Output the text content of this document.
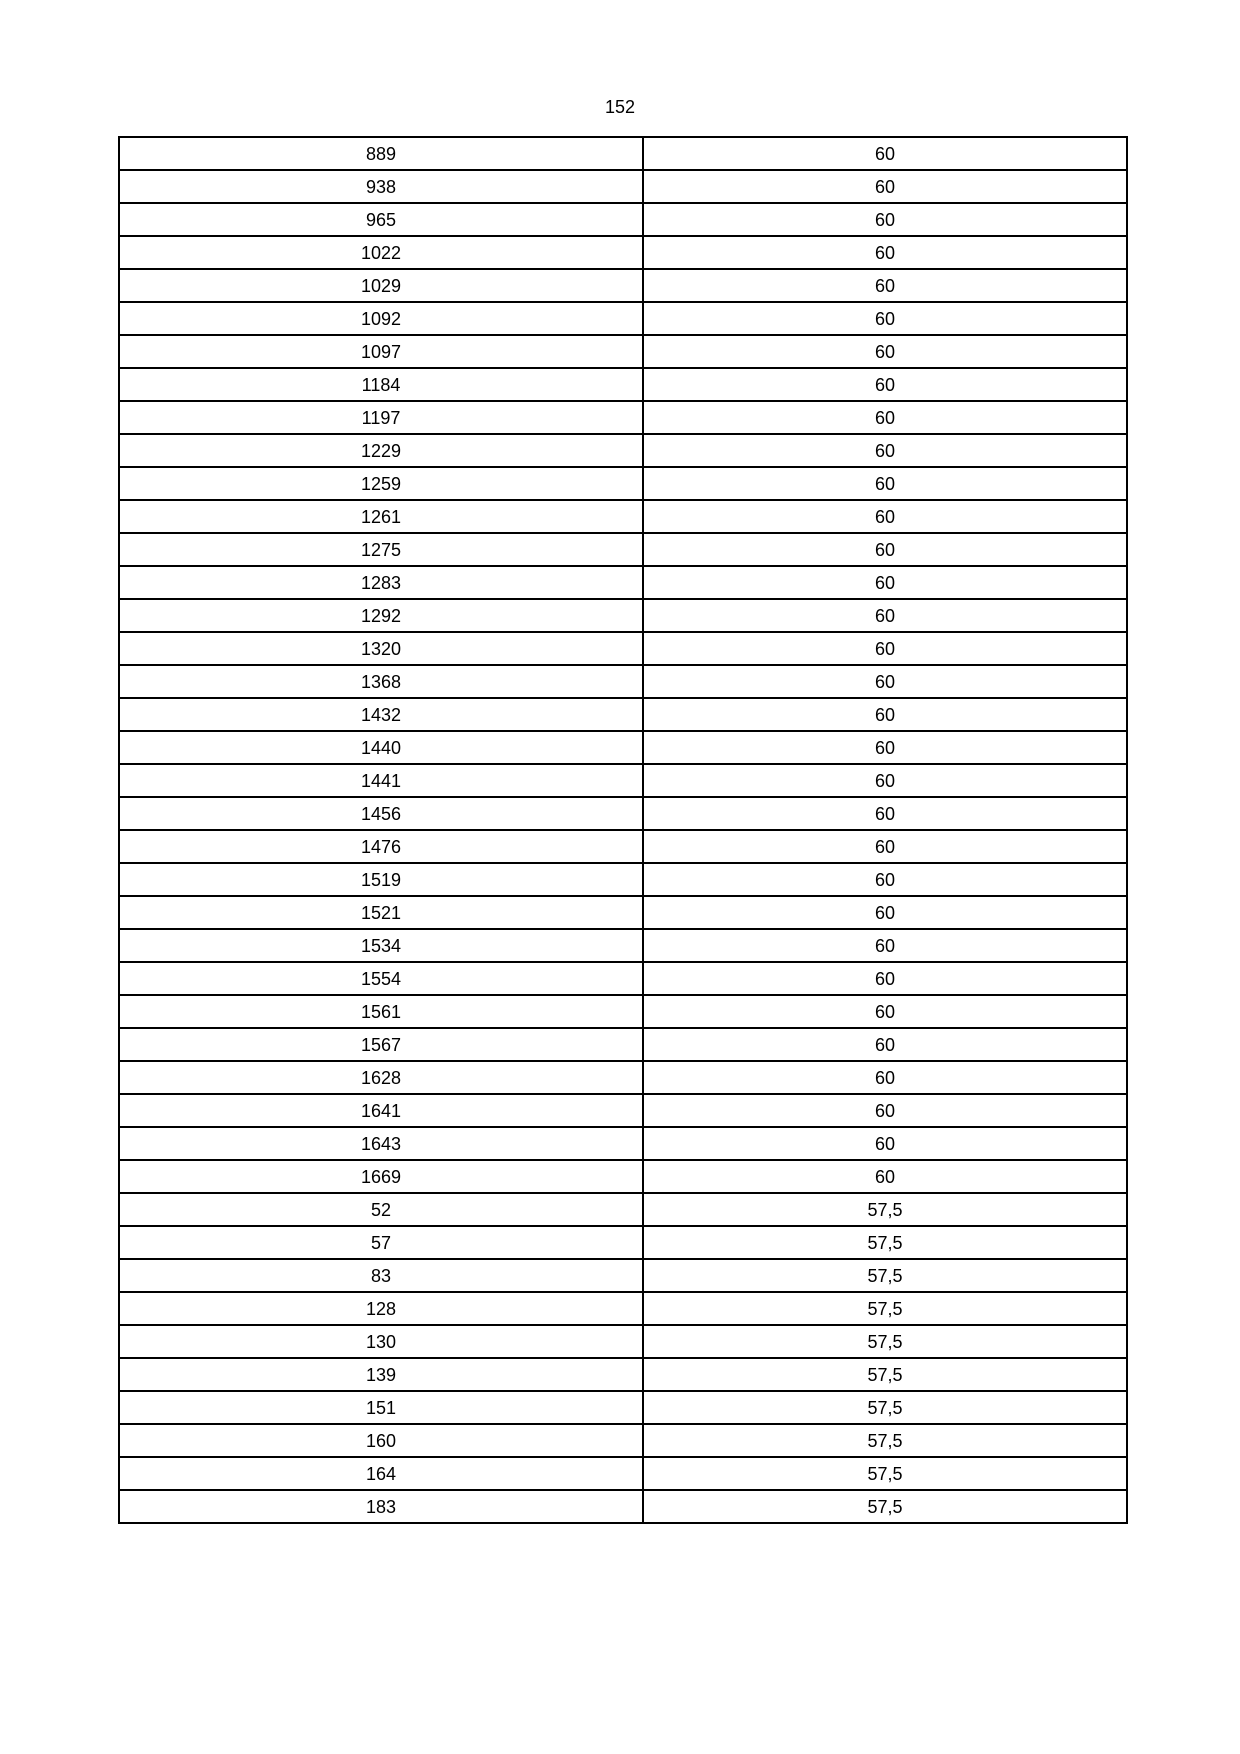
152
889	60
938	60
965	60
1022	60
1029	60
1092	60
1097	60
1184	60
1197	60
1229	60
1259	60
1261	60
1275	60
1283	60
1292	60
1320	60
1368	60
1432	60
1440	60
1441	60
1456	60
1476	60
1519	60
1521	60
1534	60
1554	60
1561	60
1567	60
1628	60
1641	60
1643	60
1669	60
52	57,5
57	57,5
83	57,5
128	57,5
130	57,5
139	57,5
151	57,5
160	57,5
164	57,5
183	57,5
